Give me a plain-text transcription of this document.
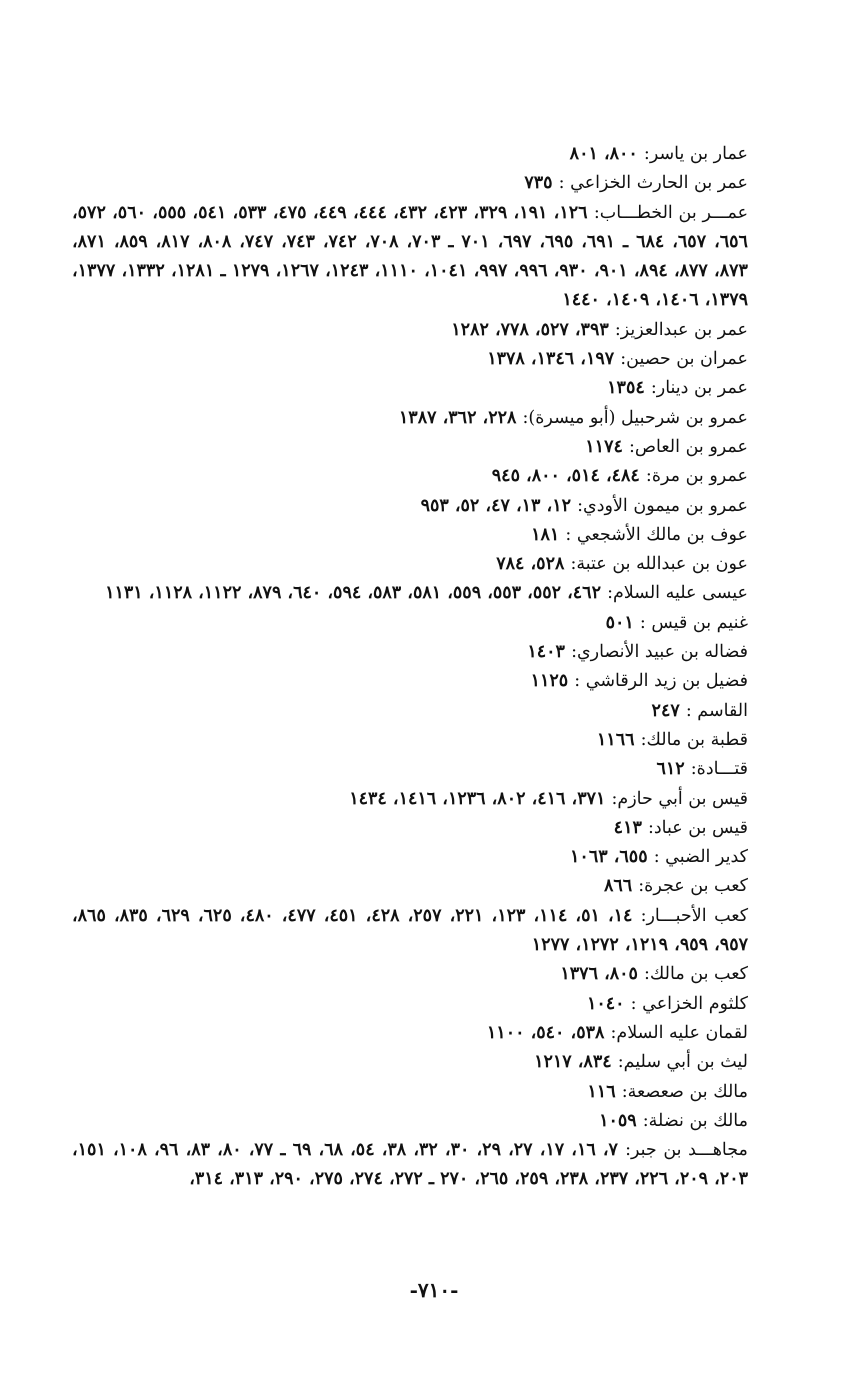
عمار بن ياسر: ٨٠٠، ٨٠١
عمر بن الحارث الخزاعي : ٧٣٥
عمـــر بن الخطـــاب: ١٢٦، ١٩١، ٣٢٩، ٤٢٣، ٤٣٢، ٤٤٤، ٤٤٩، ٤٧٥، ٥٣٣، ٥٤١، ٥٥٥، ٥٦٠، ٥٧٢، ٦٥٦، ٦٥٧، ٦٨٤ ـ ٦٩١، ٦٩٥، ٦٩٧، ٧٠١ ـ ٧٠٣، ٧٠٨، ٧٤٢، ٧٤٣، ٧٤٧، ٨٠٨، ٨١٧، ٨٥٩، ٨٧١، ٨٧٣، ٨٧٧، ٨٩٤، ٩٠١، ٩٣٠، ٩٩٦، ٩٩٧، ١٠٤١، ١١١٠، ١٢٤٣، ١٢٦٧، ١٢٧٩ ـ ١٢٨١، ١٣٣٢، ١٣٧٧، ١٣٧٩، ١٤٠٦، ١٤٠٩، ١٤٤٠
عمر بن عبدالعزيز: ٣٩٣، ٥٢٧، ٧٧٨، ١٢٨٢
عمران بن حصين: ١٩٧، ١٣٤٦، ١٣٧٨
عمر بن دينار: ١٣٥٤
عمرو بن شرحبيل (أبو ميسرة): ٢٢٨، ٣٦٢، ١٣٨٧
عمرو بن العاص: ١١٧٤
عمرو بن مرة: ٤٨٤، ٥١٤، ٨٠٠، ٩٤٥
عمرو بن ميمون الأودي: ١٢، ١٣، ٤٧، ٥٢، ٩٥٣
عوف بن مالك الأشجعي : ١٨١
عون بن عبدالله بن عتبة: ٥٢٨، ٧٨٤
عيسى عليه السلام: ٤٦٢، ٥٥٢، ٥٥٣، ٥٥٩، ٥٨١، ٥٨٣، ٥٩٤، ٦٤٠، ٨٧٩، ١١٢٢، ١١٢٨، ١١٣١
غنيم بن قيس : ٥٠١
فضاله بن عبيد الأنصاري: ١٤٠٣
فضيل بن زيد الرقاشي : ١١٢٥
القاسم : ٢٤٧
قطبة بن مالك: ١١٦٦
قتـــادة: ٦١٢
قيس بن أبي حازم: ٣٧١، ٤١٦، ٨٠٢، ١٢٣٦، ١٤١٦، ١٤٣٤
قيس بن عباد: ٤١٣
كدير الضبي : ٦٥٥، ١٠٦٣
كعب بن عجرة: ٨٦٦
كعب الأحبـــار: ١٤، ٥١، ١١٤، ١٢٣، ٢٢١، ٢٥٧، ٤٢٨، ٤٥١، ٤٧٧، ٤٨٠، ٦٢٥، ٦٢٩، ٨٣٥، ٨٦٥، ٩٥٧، ٩٥٩، ١٢١٩، ١٢٧٢، ١٢٧٧
كعب بن مالك: ٨٠٥، ١٣٧٦
كلثوم الخزاعي : ١٠٤٠
لقمان عليه السلام: ٥٣٨، ٥٤٠، ١١٠٠
ليث بن أبي سليم: ٨٣٤، ١٢١٧
مالك بن صعصعة: ١١٦
مالك بن نضلة: ١٠٥٩
مجاهـــد بن جبر: ٧، ١٦، ١٧، ٢٧، ٢٩، ٣٠، ٣٢، ٣٨، ٥٤، ٦٨، ٦٩ ـ ٧٧، ٨٠، ٨٣، ٩٦، ١٠٨، ١٥١، ٢٠٣، ٢٠٩، ٢٢٦، ٢٣٧، ٢٣٨، ٢٥٩، ٢٦٥، ٢٧٠ ـ ٢٧٢، ٢٧٤، ٢٧٥، ٢٩٠، ٣١٣، ٣١٤،
-٧١٠-
